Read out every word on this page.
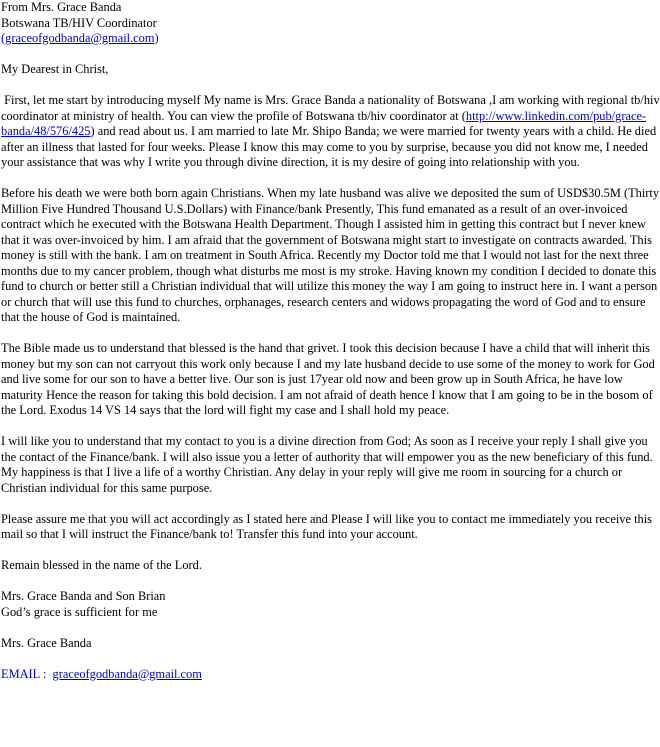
From Mrs. Grace Banda
Botswana TB/HIV Coordinator
(graceofgodbanda@gmail.com)
My Dearest in Christ,
First, let me start by introducing myself My name is Mrs. Grace Banda a nationality of Botswana ,I am working with regional tb/hiv coordinator at ministry of health. You can view the profile of Botswana tb/hiv coordinator at (http://www.linkedin.com/pub/grace-banda/48/576/425) and read about us. I am married to late Mr. Shipo Banda; we were married for twenty years with a child. He died after an illness that lasted for four weeks. Please I know this may come to you by surprise, because you did not know me, I needed your assistance that was why I write you through divine direction, it is my desire of going into relationship with you.
Before his death we were both born again Christians. When my late husband was alive we deposited the sum of USD$30.5M (Thirty Million Five Hundred Thousand U.S.Dollars) with Finance/bank Presently, This fund emanated as a result of an over-invoiced contract which he executed with the Botswana Health Department. Though I assisted him in getting this contract but I never knew that it was over-invoiced by him. I am afraid that the government of Botswana might start to investigate on contracts awarded. This money is still with the bank. I am on treatment in South Africa. Recently my Doctor told me that I would not last for the next three months due to my cancer problem, though what disturbs me most is my stroke. Having known my condition I decided to donate this fund to church or better still a Christian individual that will utilize this money the way I am going to instruct here in. I want a person or church that will use this fund to churches, orphanages, research centers and widows propagating the word of God and to ensure that the house of God is maintained.
The Bible made us to understand that blessed is the hand that grivet. I took this decision because I have a child that will inherit this money but my son can not carryout this work only because I and my late husband decide to use some of the money to work for God and live some for our son to have a better live. Our son is just 17year old now and been grow up in South Africa, he have low maturity Hence the reason for taking this bold decision. I am not afraid of death hence I know that I am going to be in the bosom of the Lord. Exodus 14 VS 14 says that the lord will fight my case and I shall hold my peace.
I will like you to understand that my contact to you is a divine direction from God; As soon as I receive your reply I shall give you the contact of the Finance/bank. I will also issue you a letter of authority that will empower you as the new beneficiary of this fund. My happiness is that I live a life of a worthy Christian. Any delay in your reply will give me room in sourcing for a church or Christian individual for this same purpose.
Please assure me that you will act accordingly as I stated here and Please I will like you to contact me immediately you receive this mail so that I will instruct the Finance/bank to! Transfer this fund into your account.
Remain blessed in the name of the Lord.
Mrs. Grace Banda and Son Brian
God’s grace is sufficient for me
Mrs. Grace Banda
EMAIL :  graceofgodbanda@gmail.com
